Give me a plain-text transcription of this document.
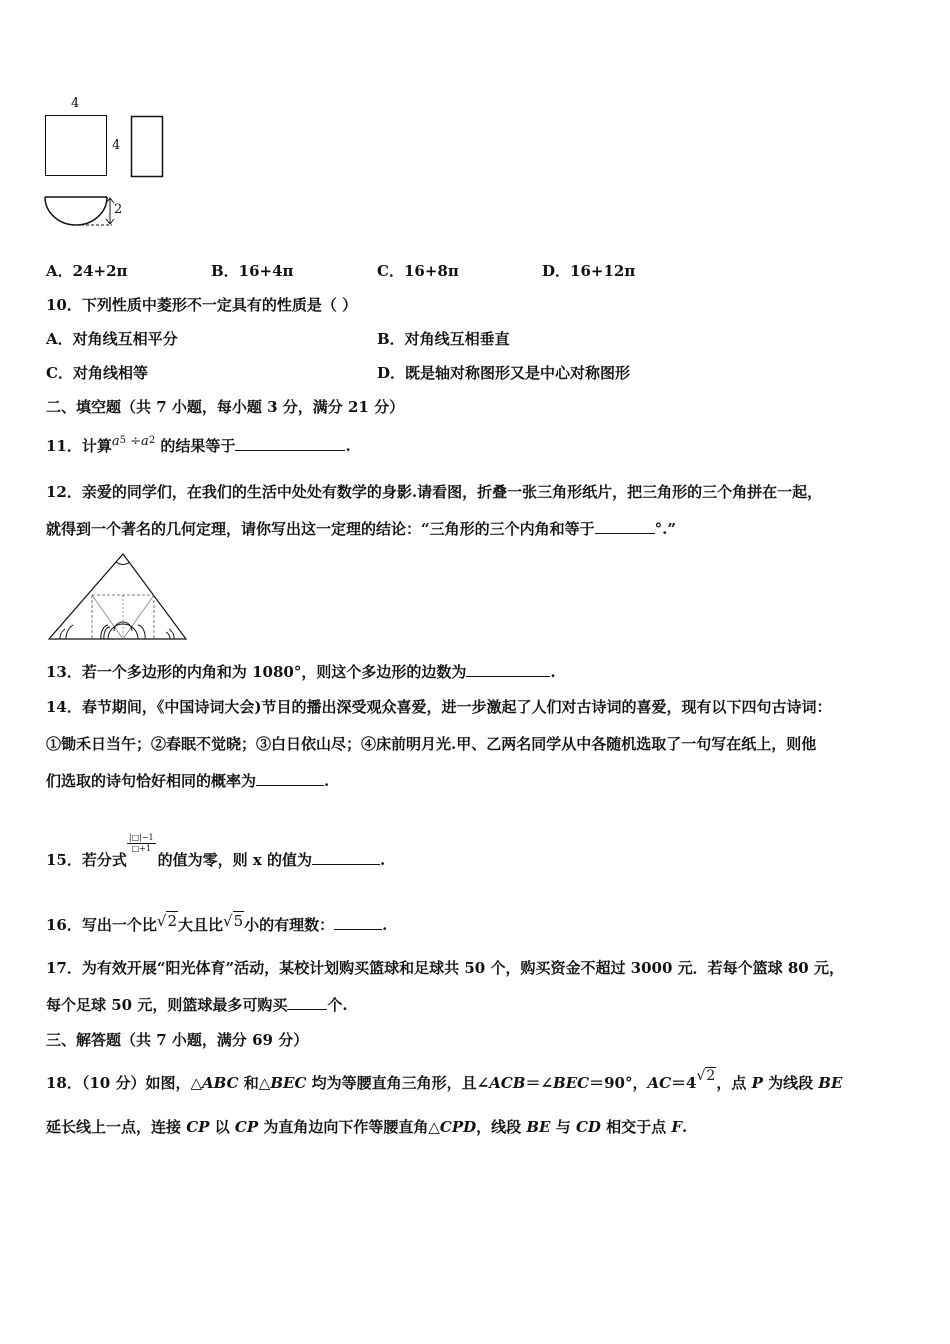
4
4
2
A．24+2π	B．16+4π	C．16+8π	D．16+12π
10．下列性质中菱形不一定具有的性质是（ ）
A．对角线互相平分	B．对角线互相垂直
C．对角线相等	D．既是轴对称图形又是中心对称图形
二、填空题（共 7 小题，每小题 3 分，满分 21 分）
11．计算$a^5 \div a^2$ 的结果等于	.
12．亲爱的同学们，在我们的生活中处处有数学的身影.请看图，折叠一张三角形纸片，把三角形的三个角拼在一起，
就得到一个著名的几何定理，请你写出这一定理的结论：“三角形的三个内角和等于	°.”
13．若一个多边形的内角和为 1080°，则这个多边形的边数为	.
14．春节期间，《中国诗词大会)节目的播出深受观众喜爱，进一步激起了人们对古诗词的喜爱，现有以下四句古诗词：
①锄禾日当午；②春眠不觉晓；③白日依山尽；④床前明月光.甲、乙两名同学从中各随机选取了一句写在纸上，则他
们选取的诗句恰好相同的概率为	.
15．若分式
$\frac{|□|-1}{□+1}$
的值为零，则 x 的值为	.
16．写出一个比√2大且比√5小的有理数：	.
17．为有效开展“阳光体育”活动，某校计划购买篮球和足球共 50 个，购买资金不超过 3000 元．若每个篮球 80 元，
每个足球 50 元，则篮球最多可购买	个.
三、解答题（共 7 小题，满分 69 分）
18．（10 分）如图，△ABC 和△BEC 均为等腰直角三角形，且∠ACB＝∠BEC＝90°，AC＝4√2，点 P 为线段 BE
延长线上一点，连接 CP 以 CP 为直角边向下作等腰直角△CPD，线段 BE 与 CD 相交于点 F.
